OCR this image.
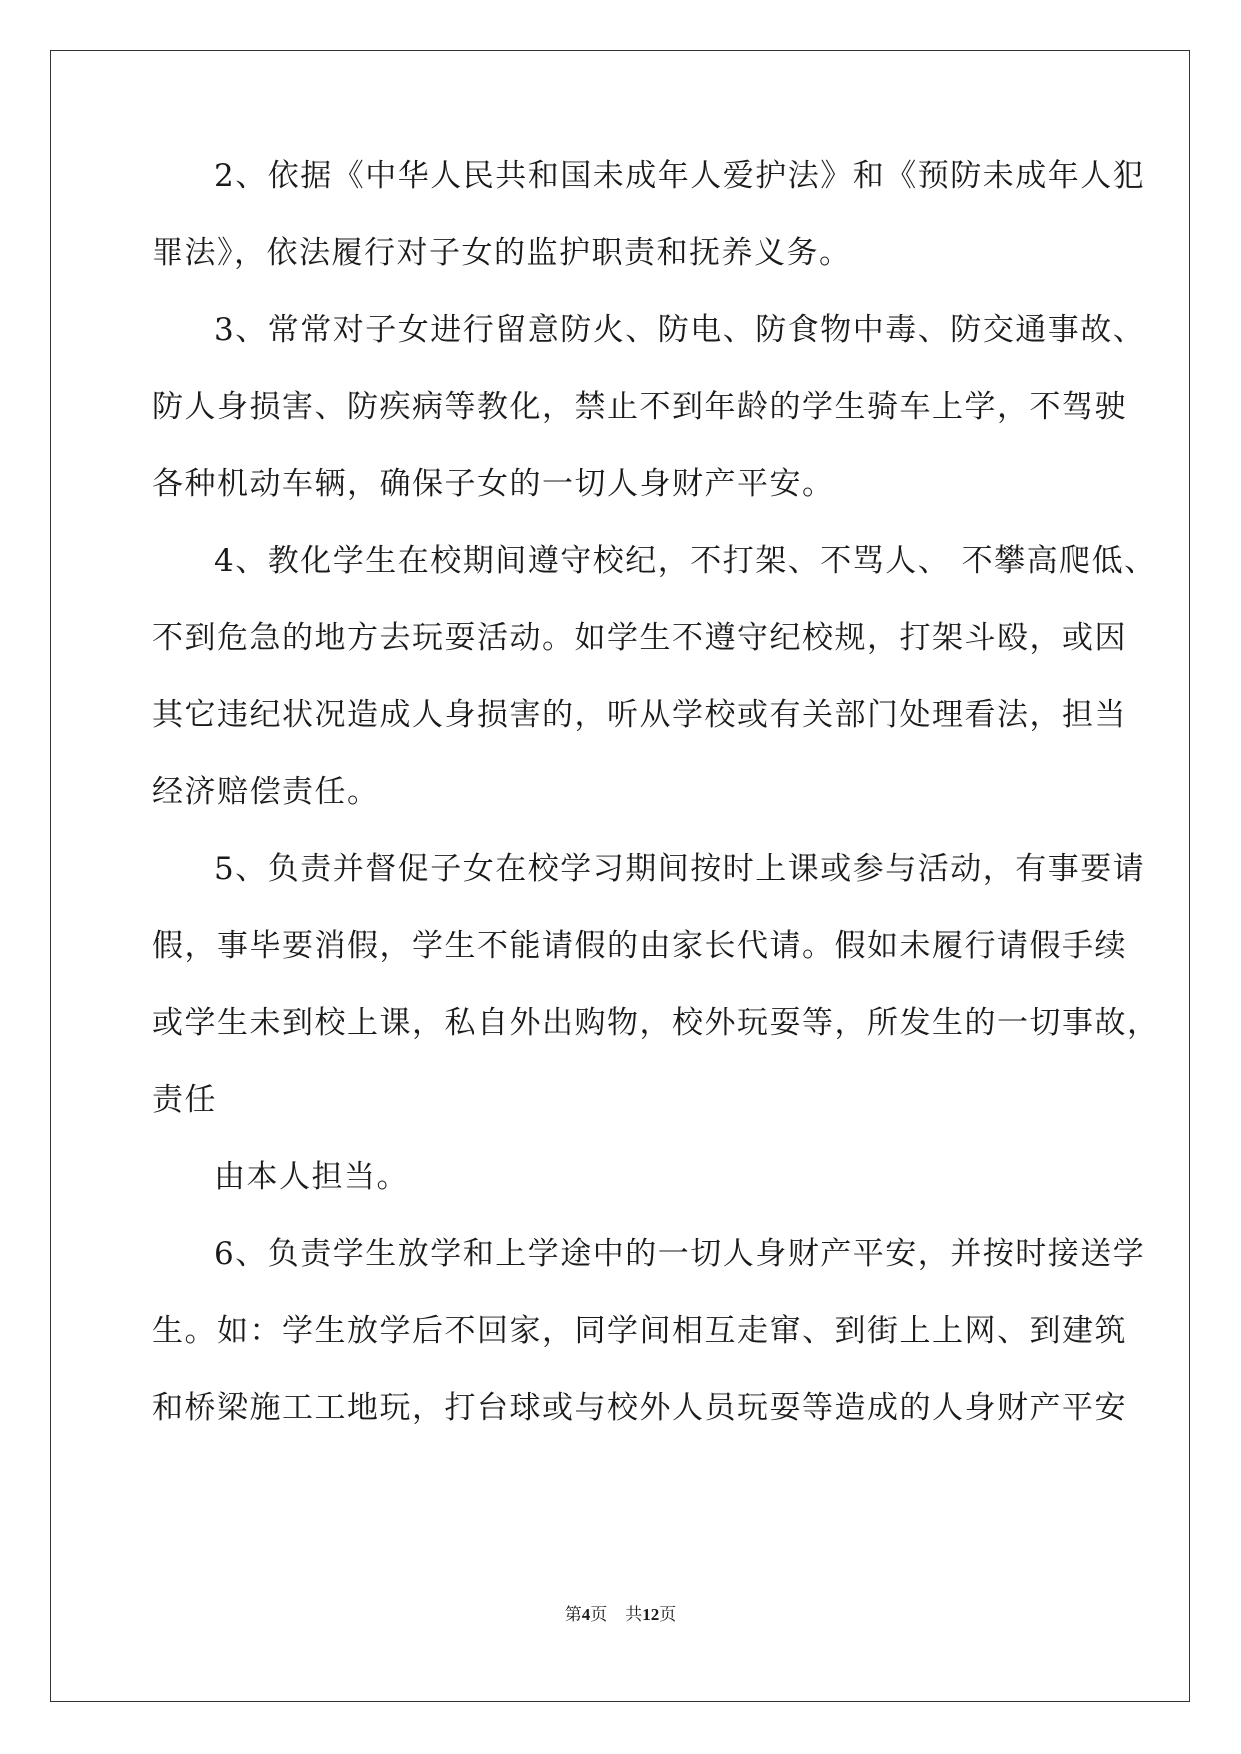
2、依据《中华人民共和国未成年人爱护法》和《预防未成年人犯
罪法》，依法履行对子女的监护职责和抚养义务。
3、常常对子女进行留意防火、防电、防食物中毒、防交通事故、
防人身损害、防疾病等教化，禁止不到年龄的学生骑车上学，不驾驶
各种机动车辆，确保子女的一切人身财产平安。
4、教化学生在校期间遵守校纪，不打架、不骂人、 不攀高爬低、
不到危急的地方去玩耍活动。如学生不遵守纪校规，打架斗殴，或因
其它违纪状况造成人身损害的，听从学校或有关部门处理看法，担当
经济赔偿责任。
5、负责并督促子女在校学习期间按时上课或参与活动，有事要请
假，事毕要消假，学生不能请假的由家长代请。假如未履行请假手续
或学生未到校上课，私自外出购物，校外玩耍等，所发生的一切事故，
责任
由本人担当。
6、负责学生放学和上学途中的一切人身财产平安，并按时接送学
生。如：学生放学后不回家，同学间相互走窜、到街上上网、到建筑
和桥梁施工工地玩，打台球或与校外人员玩耍等造成的人身财产平安
第4页 共12页
